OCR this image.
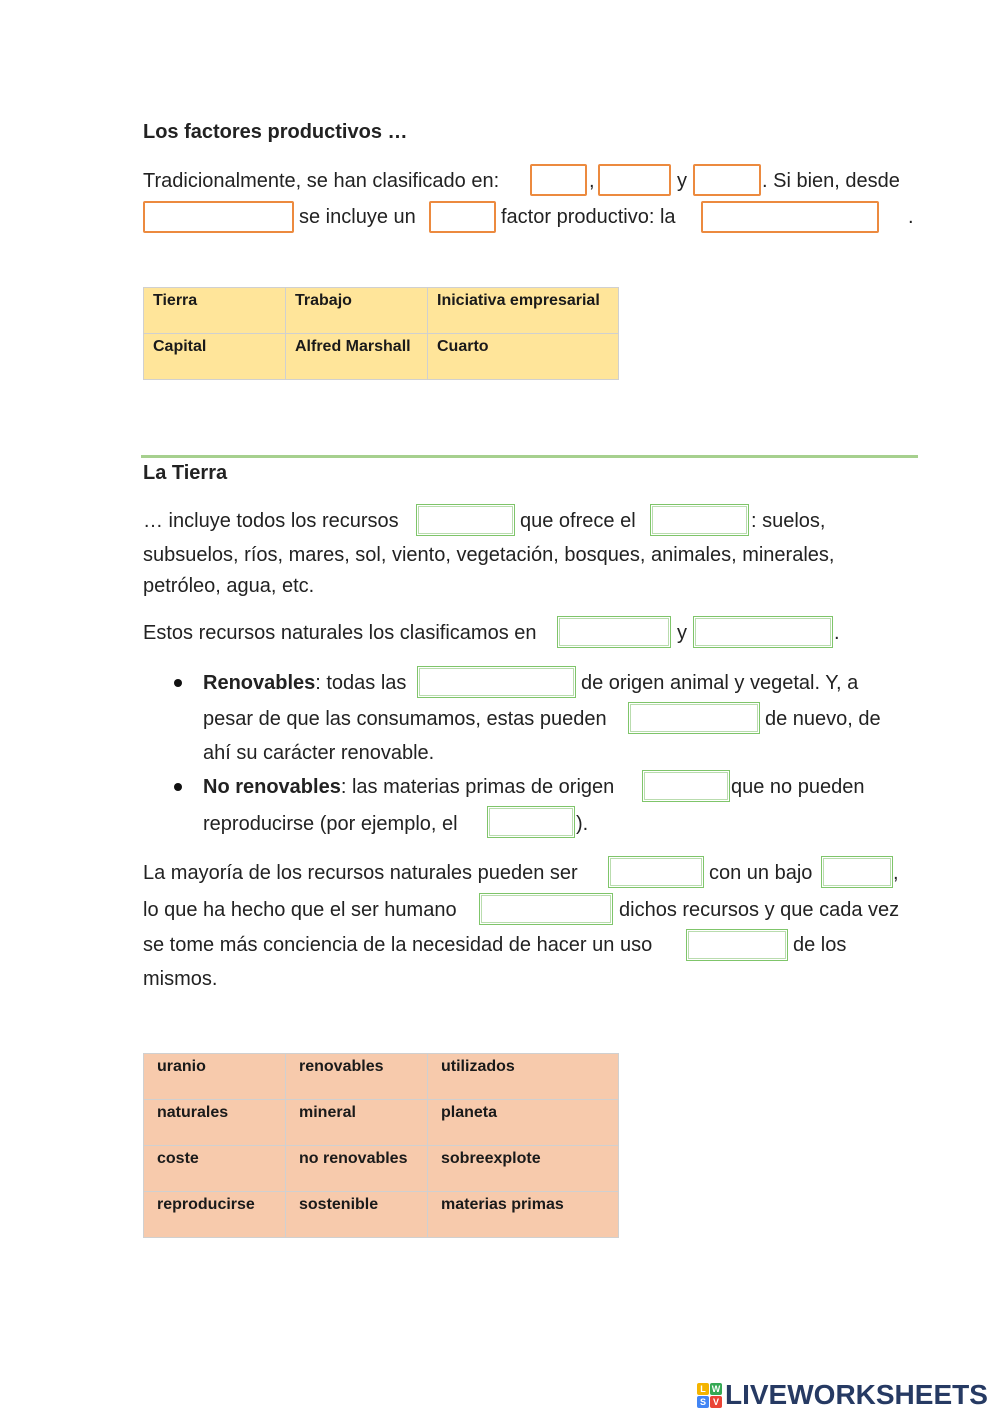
Los factores productivos …
Tradicionalmente, se han clasificado en:	,	y	. Si bien, desde
se incluye un	factor productivo: la	.
Tierra	Trabajo	Iniciativa empresarial
Capital	Alfred Marshall	Cuarto
La Tierra
… incluye todos los recursos	que ofrece el	: suelos,
subsuelos, ríos, mares, sol, viento, vegetación, bosques, animales, minerales,
petróleo, agua, etc.
Estos recursos naturales los clasificamos en	y	.
Renovables: todas las	de origen animal y vegetal. Y, a
pesar de que las consumamos, estas pueden	de nuevo, de
ahí su carácter renovable.
No renovables: las materias primas de origen	que no pueden
reproducirse (por ejemplo, el	).
La mayoría de los recursos naturales pueden ser	con un bajo	,
lo que ha hecho que el ser humano	dichos recursos y que cada vez
se tome más conciencia de la necesidad de hacer un uso	de los
mismos.
uranio	renovables	utilizados
naturales	mineral	planeta
coste	no renovables	sobreexplote
reproducirse	sostenible	materias primas
L W
S V LIVEWORKSHEETS
